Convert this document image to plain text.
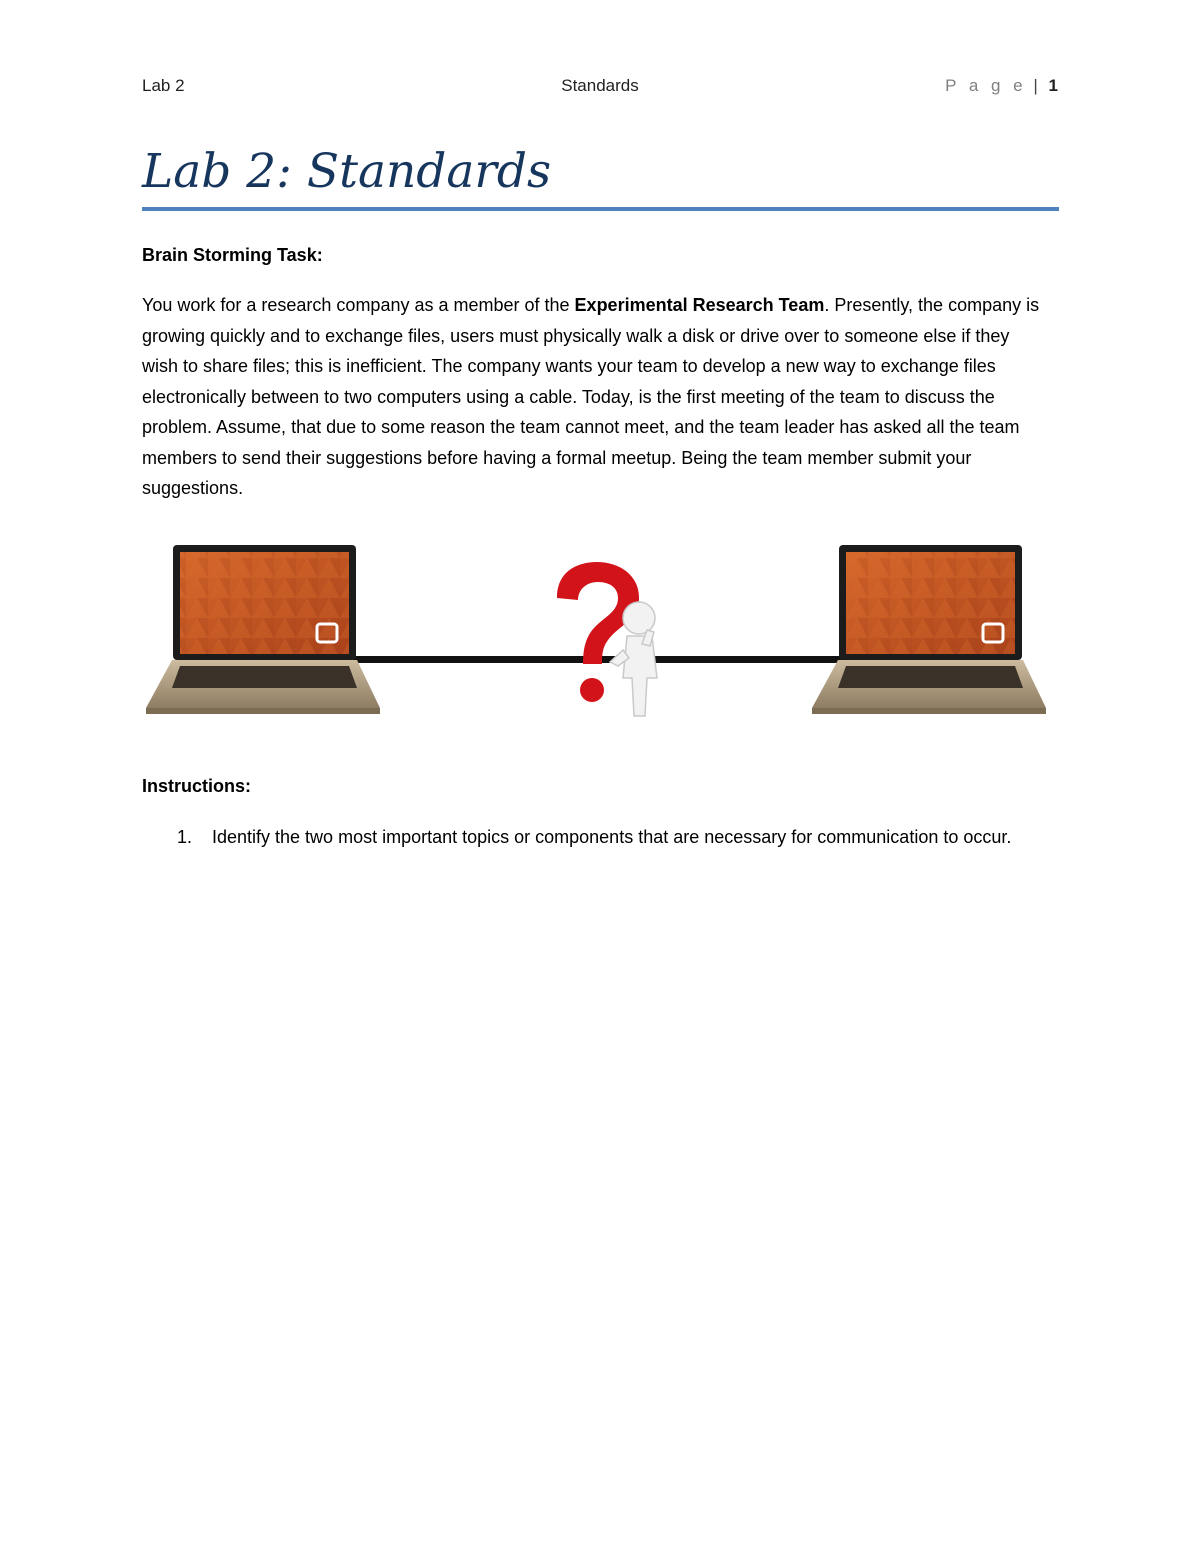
Lab 2	Standards	P a g e | 1
Lab 2: Standards
Brain Storming Task:

You work for a research company as a member of the Experimental Research Team. Presently, the company is growing quickly and to exchange files, users must physically walk a disk or drive over to someone else if they wish to share files; this is inefficient. The company wants your team to develop a new way to exchange files electronically between to two computers using a cable. Today, is the first meeting of the team to discuss the problem. Assume, that due to some reason the team cannot meet, and the team leader has asked all the team members to send their suggestions before having a formal meetup. Being the team member submit your suggestions.

Instructions:
1. Identify the two most important topics or components that are necessary for communication to occur.
